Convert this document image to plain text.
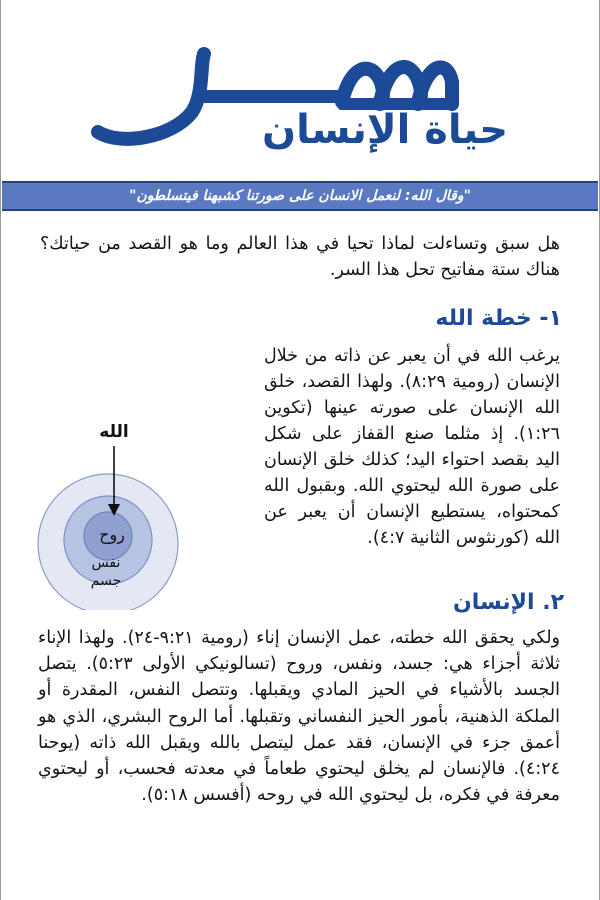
حياة الإنسان

"وقال الله: لنعمل الانسان على صورتنا كشبهنا فيتسلطون"

هل سبق وتساءلت لماذا تحيا في هذا العالم وما هو القصد من حياتك؟ هناك ستة مفاتيح تحل هذا السر.

١- خطة الله

يرغب الله في أن يعبر عن ذاته من خلال الإنسان (رومية ٨:٢٩). ولهذا القصد، خلق الله الإنسان على صورته عينها (تكوين ١:٢٦). إذ مثلما صنع القفاز على شكل اليد بقصد احتواء اليد؛ كذلك خلق الإنسان على صورة الله ليحتوي الله. وبقبول الله كمحتواه، يستطيع الإنسان أن يعبر عن الله (كورنثوس الثانية ٤:٧).

الله
روح
نفس
جسم
٢. الإنسان

ولكي يحقق الله خطته، عمل الإنسان إناء (رومية ٩:٢١-٢٤). ولهذا الإناء ثلاثة أجزاء هي: جسد، ونفس، وروح (تسالونيكي الأولى ٥:٢٣). يتصل الجسد بالأشياء في الحيز المادي ويقبلها. وتتصل النفس، المقدرة أو الملكة الذهنية، بأمور الحيز النفساني وتقبلها. أما الروح البشري، الذي هو أعمق جزء في الإنسان، فقد عمل ليتصل بالله ويقبل الله ذاته (يوحنا ٤:٢٤). فالإنسان لم يخلق ليحتوي طعاماً في معدته فحسب، أو ليحتوي معرفة في فكره، بل ليحتوي الله في روحه (أفسس ٥:١٨).
